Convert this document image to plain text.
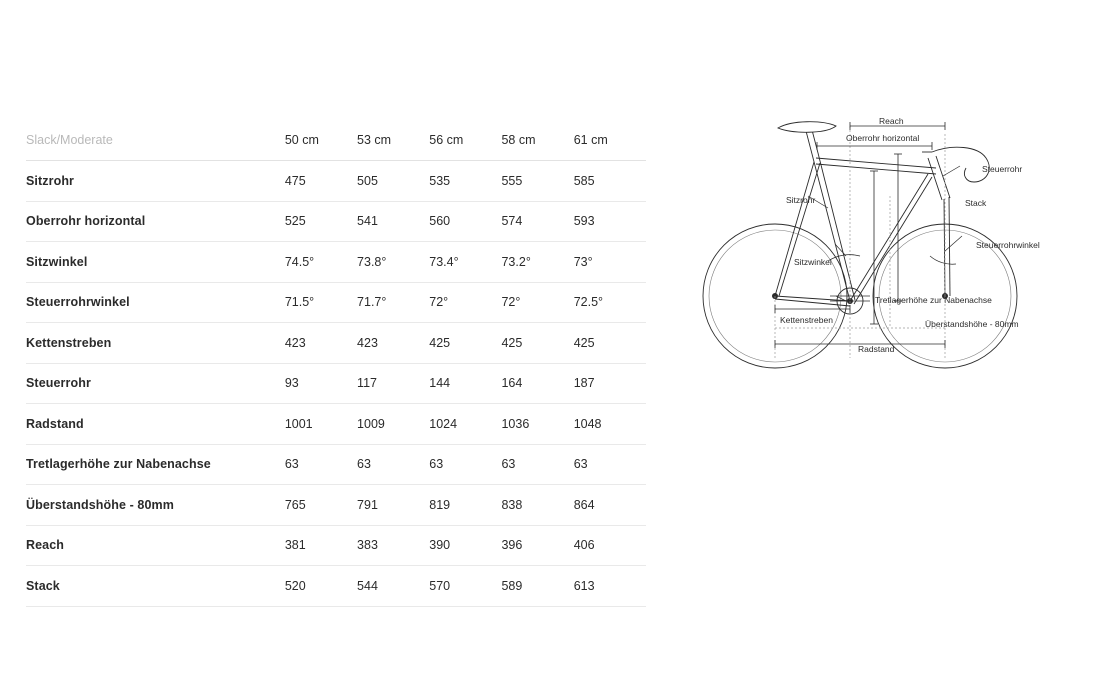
Slack/Moderate	50 cm	53 cm	56 cm	58 cm	61 cm
Sitzrohr	475	505	535	555	585
Oberrohr horizontal	525	541	560	574	593
Sitzwinkel	74.5°	73.8°	73.4°	73.2°	73°
Steuerrohrwinkel	71.5°	71.7°	72°	72°	72.5°
Kettenstreben	423	423	425	425	425
Steuerrohr	93	117	144	164	187
Radstand	1001	1009	1024	1036	1048
Tretlagerhöhe zur Nabenachse	63	63	63	63	63
Überstandshöhe - 80mm	765	791	819	838	864
Reach	381	383	390	396	406
Stack	520	544	570	589	613
Reach
Oberrohr horizontal
Steuerrohr
Stack
Sitzrohr
Steuerrohrwinkel
Sitzwinkel
Tretlagerhöhe zur Nabenachse
Kettenstreben	Überstandshöhe - 80mm
Radstand
